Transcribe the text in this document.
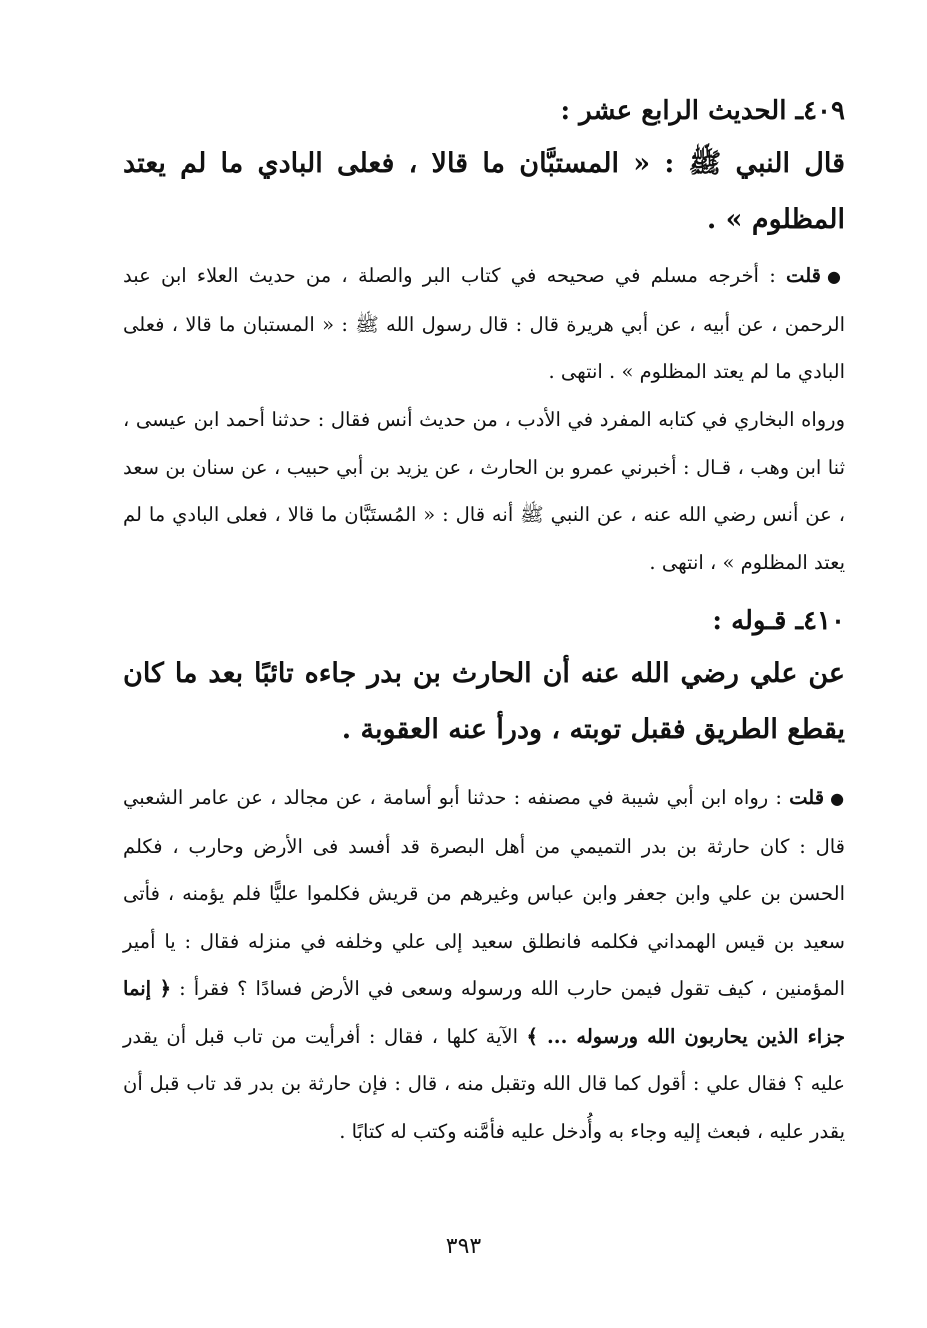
٤٠٩ـ الحديث الرابع عشر :
قال النبي ﷺ : « المستبَّان ما قالا ، فعلى البادي ما لم يعتد المظلوم » .
●قلت : أخرجه مسلم في صحيحه في كتاب البر والصلة ، من حديث العلاء ابن عبد الرحمن ، عن أبيه ، عن أبي هريرة قال : قال رسول الله ﷺ : « المستبان ما قالا ، فعلى البادي ما لم يعتد المظلوم » . انتهى .
ورواه البخاري في كتابه المفرد في الأدب ، من حديث أنس فقال : حدثنا أحمد ابن عيسى ، ثنا ابن وهب ، قـال : أخبرني عمرو بن الحارث ، عن يزيد بن أبي حبيب ، عن سنان بن سعد ، عن أنس رضي الله عنه ، عن النبي ﷺ أنه قال : « المُستَبَّان ما قالا ، فعلى البادي ما لم يعتد المظلوم » ، انتهى .
٤١٠ـ قـوله :
عن علي رضي الله عنه أن الحارث بن بدر جاءه تائبًا بعد ما كان يقطع الطريق فقبل توبته ، ودرأ عنه العقوبة .
●قلت : رواه ابن أبي شيبة في مصنفه : حدثنا أبو أسامة ، عن مجالد ، عن عامر الشعبي قال : كان حارثة بن بدر التميمي من أهل البصرة قد أفسد فى الأرض وحارب ، فكلم الحسن بن علي وابن جعفر وابن عباس وغيرهم من قريش فكلموا عليًّا فلم يؤمنه ، فأتى سعيد بن قيس الهمداني فكلمه فانطلق سعيد إلى علي وخلفه في منزله فقال : يا أمير المؤمنين ، كيف تقول فيمن حارب الله ورسوله وسعى في الأرض فسادًا ؟ فقرأ : ﴿ إنما جزاء الذين يحاربون الله ورسوله ... ﴾ الآية كلها ، فقال : أفرأيت من تاب قبل أن يقدر عليه ؟ فقال علي : أقول كما قال الله وتقبل منه ، قال : فإن حارثة بن بدر قد تاب قبل أن يقدر عليه ، فبعث إليه وجاء به وأُدخل عليه فأمَّنه وكتب له كتابًا .
٣٩٣
